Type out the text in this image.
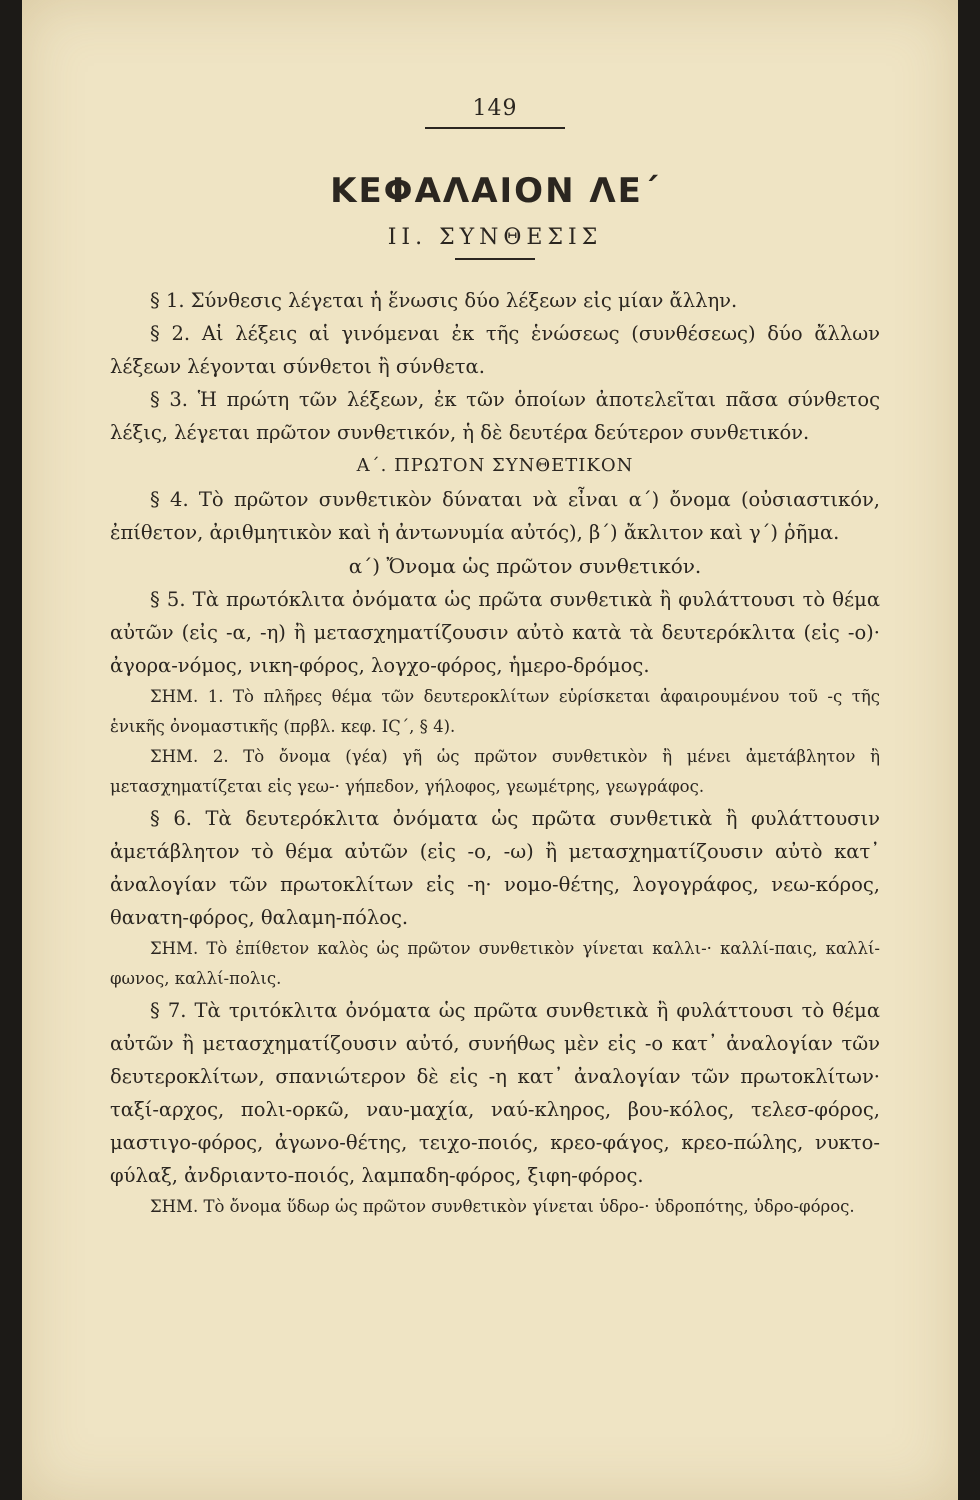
149
ΚΕΦΑΛΑΙΟΝ ΛΕ΄
II. ΣΥΝΘΕΣΙΣ

§ 1. Σύνθεσις λέγεται ἡ ἕνωσις δύο λέξεων εἰς μίαν ἄλλην.

§ 2. Αἱ λέξεις αἱ γινόμεναι ἐκ τῆς ἑνώσεως (συνθέσεως) δύο ἄλλων λέξεων λέγονται σύνθετοι ἢ σύνθετα.

§ 3. Ἡ πρώτη τῶν λέξεων, ἐκ τῶν ὁποίων ἀποτελεῖται πᾶσα σύνθετος λέξις, λέγεται πρῶτον συνθετικόν, ἡ δὲ δευτέρα δεύτερον συνθετικόν.

Α΄. ΠΡΩΤΟΝ ΣΥΝΘΕΤΙΚΟΝ

§ 4. Τὸ πρῶτον συνθετικὸν δύναται νὰ εἶναι α΄) ὄνομα (οὐσιαστικόν, ἐπίθετον, ἀριθμητικὸν καὶ ἡ ἀντωνυμία αὐτός), β΄) ἄκλιτον καὶ γ΄) ῥῆμα.

α΄) Ὄνομα ὡς πρῶτον συνθετικόν.

§ 5. Τὰ πρωτόκλιτα ὀνόματα ὡς πρῶτα συνθετικὰ ἢ φυλάττουσι τὸ θέμα αὐτῶν (εἰς -α, -η) ἢ μετασχηματίζουσιν αὐτὸ κατὰ τὰ δευτερόκλιτα (εἰς -ο)· ἀγορα-νόμος, νικη-φόρος, λογχο-φόρος, ἡμερο-δρόμος.

ΣΗΜ. 1. Τὸ πλῆρες θέμα τῶν δευτεροκλίτων εὑρίσκεται ἀφαιρουμένου τοῦ -ς τῆς ἑνικῆς ὀνομαστικῆς (πρβλ. κεφ. ΙϚ΄, § 4).

ΣΗΜ. 2. Τὸ ὄνομα (γέα) γῆ ὡς πρῶτον συνθετικὸν ἢ μένει ἀμετάβλητον ἢ μετασχηματίζεται εἰς γεω-· γήπεδον, γήλοφος, γεωμέτρης, γεωγράφος.

§ 6. Τὰ δευτερόκλιτα ὀνόματα ὡς πρῶτα συνθετικὰ ἢ φυλάττουσιν ἀμετάβλητον τὸ θέμα αὐτῶν (εἰς -ο, -ω) ἢ μετασχηματίζουσιν αὐτὸ κατ᾿ ἀναλογίαν τῶν πρωτοκλίτων εἰς -η· νομο-θέτης, λογογράφος, νεω-κόρος, θανατη-φόρος, θαλαμη-πόλος.

ΣΗΜ. Τὸ ἐπίθετον καλὸς ὡς πρῶτον συνθετικὸν γίνεται καλλι-· καλλί-παις, καλλί-φωνος, καλλί-πολις.

§ 7. Τὰ τριτόκλιτα ὀνόματα ὡς πρῶτα συνθετικὰ ἢ φυλάττουσι τὸ θέμα αὐτῶν ἢ μετασχηματίζουσιν αὐτό, συνήθως μὲν εἰς -ο κατ᾿ ἀναλογίαν τῶν δευτεροκλίτων, σπανιώτερον δὲ εἰς -η κατ᾿ ἀναλογίαν τῶν πρωτοκλίτων· ταξί-αρχος, πολι-ορκῶ, ναυ-μαχία, ναύ-κληρος, βου-κόλος, τελεσ-φόρος, μαστιγο-φόρος, ἀγωνο-θέτης, τειχο-ποιός, κρεο-φάγος, κρεο-πώλης, νυκτο-φύλαξ, ἀνδριαντο-ποιός, λαμπαδη-φόρος, ξιφη-φόρος.

ΣΗΜ. Τὸ ὄνομα ὕδωρ ὡς πρῶτον συνθετικὸν γίνεται ὑδρο-· ὑδροπότης, ὑδρο-φόρος.
